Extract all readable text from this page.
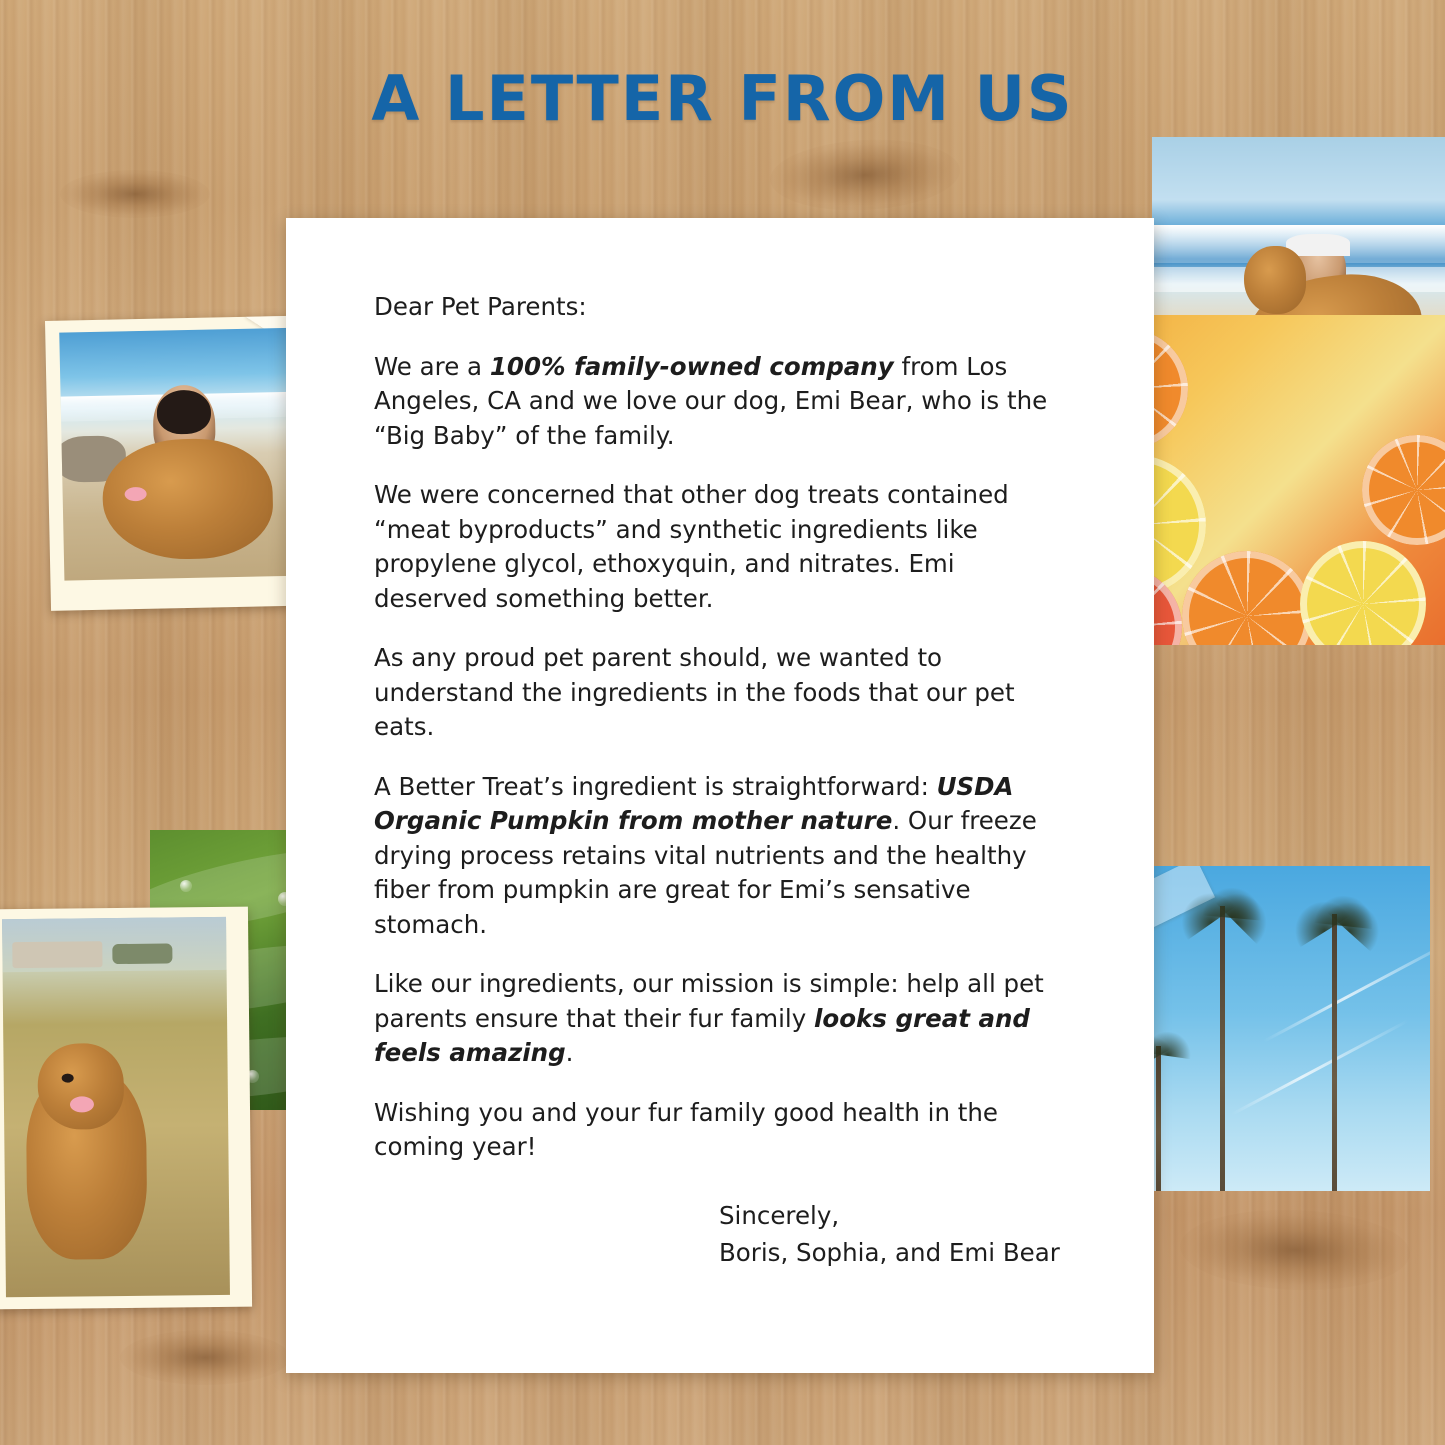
A LETTER FROM US

Dear Pet Parents:

We are a 100% family-owned company from Los Angeles, CA and we love our dog, Emi Bear, who is the “Big Baby” of the family.

We were concerned that other dog treats contained “meat byproducts” and synthetic ingredients like propylene glycol, ethoxyquin, and nitrates. Emi deserved something better.

As any proud pet parent should, we wanted to understand the ingredients in the foods that our pet eats.

A Better Treat’s ingredient is straightforward: USDA Organic Pumpkin from mother nature. Our freeze drying process retains vital nutrients and the healthy fiber from pumpkin are great for Emi’s sensative stomach.

Like our ingredients, our mission is simple: help all pet parents ensure that their fur family looks great and feels amazing.

Wishing you and your fur family good health in the coming year!

Sincerely,
Boris, Sophia, and Emi Bear
